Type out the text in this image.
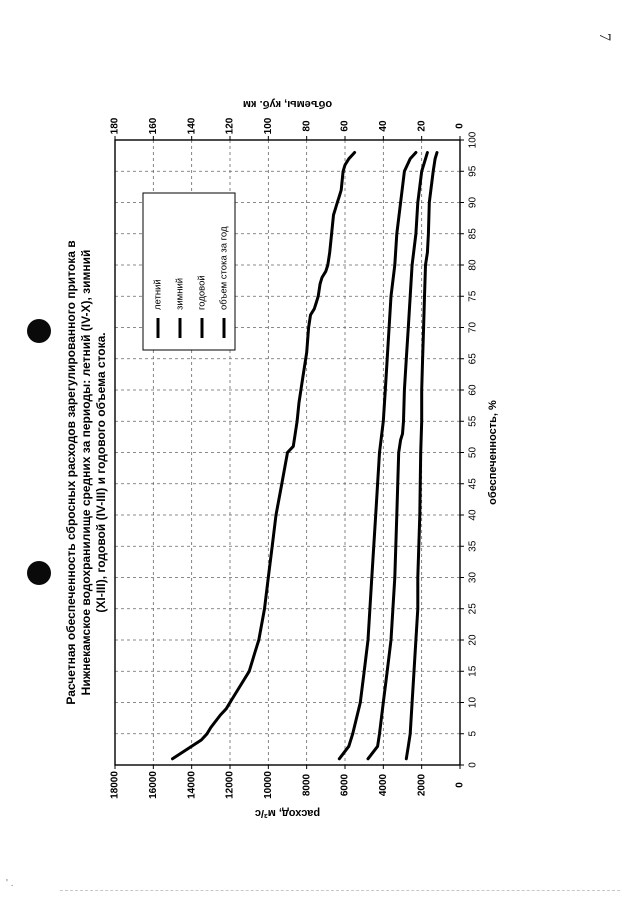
7
0
5
10
15
20
25
30
35
40
45
50
55
60
65
70
75
80
85
90
95
100
0
2000
4000
6000
8000
10000
12000
14000
16000
18000
0
20
40
60
80
100
120
140
160
180
обеспеченность, %
расход, м³/с
объемы, куб. км
летний зимний годовой объем стока за год
Расчетная обеспеченность сбросных расходов зарегулированного притока в Нижнекамское водохранилище средних за периоды: летний (IV-X), зимний (XI-III), годовой (IV-III) и годового объема стока.
' .
